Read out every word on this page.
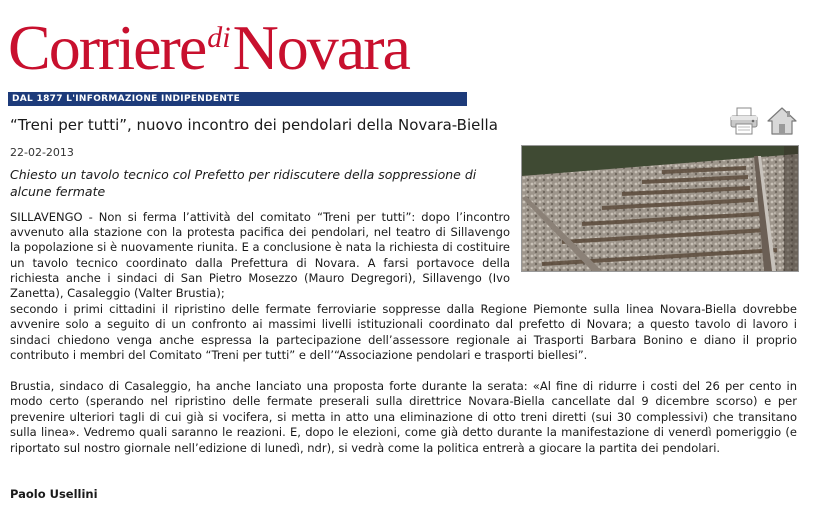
CorrierediNovara
DAL 1877 L'INFORMAZIONE INDIPENDENTE
“Treni per tutti”, nuovo incontro dei pendolari della Novara-Biella
22-02-2013
Chiesto un tavolo tecnico col Prefetto per ridiscutere della soppressione di alcune fermate
SILLAVENGO - Non si ferma l’attività del comitato “Treni per tutti”: dopo l’incontro avvenuto alla stazione con la protesta pacifica dei pendolari, nel teatro di Sillavengo la popolazione si è nuovamente riunita. E a conclusione è nata la richiesta di costituire un tavolo tecnico coordinato dalla Prefettura di Novara. A farsi portavoce della richiesta anche i sindaci di San Pietro Mosezzo (Mauro Degregori), Sillavengo (Ivo Zanetta), Casaleggio (Valter Brustia);
secondo i primi cittadini il ripristino delle fermate ferroviarie soppresse dalla Regione Piemonte sulla linea Novara-Biella dovrebbe avvenire solo a seguito di un confronto ai massimi livelli istituzionali coordinato dal prefetto di Novara; a questo tavolo di lavoro i sindaci chiedono venga anche espressa la partecipazione dell’assessore regionale ai Trasporti Barbara Bonino e diano il proprio contributo i membri del Comitato “Treni per tutti” e dell’“Associazione pendolari e trasporti biellesi”.
Brustia, sindaco di Casaleggio, ha anche lanciato una proposta forte durante la serata: «Al fine di ridurre i costi del 26 per cento in modo certo (sperando nel ripristino delle fermate preserali sulla direttrice Novara-Biella cancellate dal 9 dicembre scorso) e per prevenire ulteriori tagli di cui già si vocifera, si metta in atto una eliminazione di otto treni diretti (sui 30 complessivi) che transitano sulla linea». Vedremo quali saranno le reazioni. E, dopo le elezioni, come già detto durante la manifestazione di venerdì pomeriggio (e riportato sul nostro giornale nell’edizione di lunedì, ndr), si vedrà come la politica entrerà a giocare la partita dei pendolari.
Paolo Usellini
